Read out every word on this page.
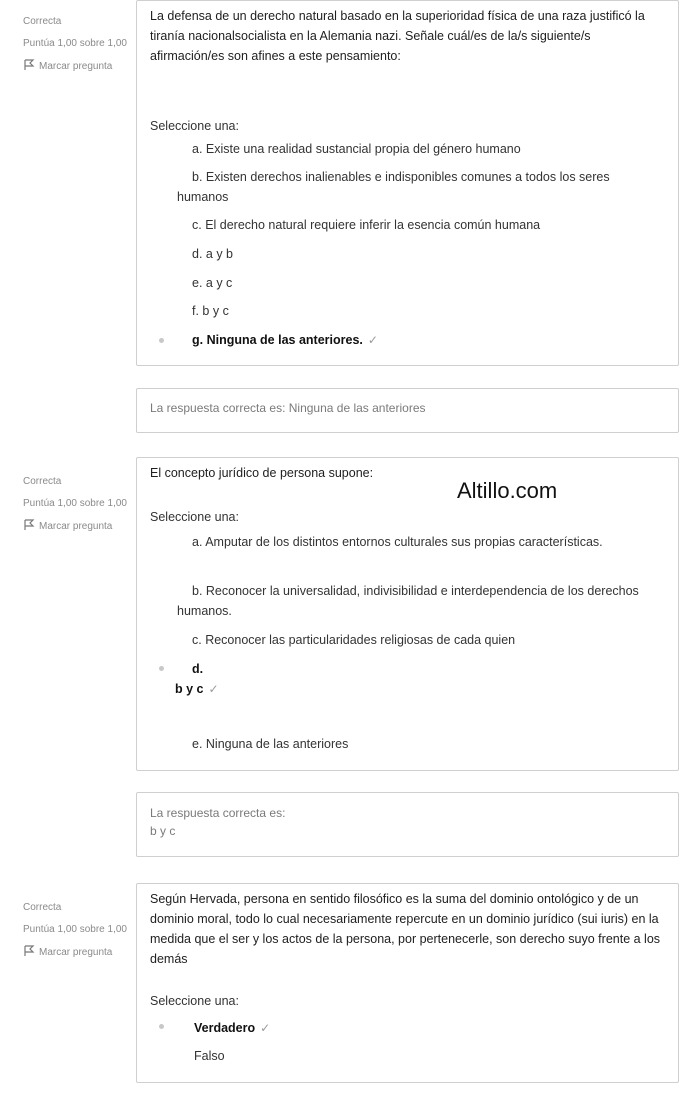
Correcta
Puntúa 1,00 sobre 1,00
Marcar pregunta
La defensa de un derecho natural basado en la superioridad física de una raza justificó la tiranía nacionalsocialista en la Alemania nazi. Señale cuál/es de la/s siguiente/s afirmación/es son afines a este pensamiento:
Seleccione una:
a. Existe una realidad sustancial propia del género humano
b. Existen derechos inalienables e indisponibles comunes a todos los seres humanos
c. El derecho natural requiere inferir la esencia común humana
d. a y b
e. a y c
f. b y c
g. Ninguna de las anteriores. ✓
La respuesta correcta es: Ninguna de las anteriores
Correcta
Puntúa 1,00 sobre 1,00
Marcar pregunta
El concepto jurídico de persona supone:
Seleccione una:
a. Amputar de los distintos entornos culturales sus propias características.
b. Reconocer la universalidad, indivisibilidad e interdependencia de los derechos humanos.
c. Reconocer las particularidades religiosas de cada quien
d.
b y c ✓
e. Ninguna de las anteriores
Altillo.com
La respuesta correcta es:
b y c
Correcta
Puntúa 1,00 sobre 1,00
Marcar pregunta
Según Hervada, persona en sentido filosófico es la suma del dominio ontológico y de un dominio moral, todo lo cual necesariamente repercute en un dominio jurídico (sui iuris) en la medida que el ser y los actos de la persona, por pertenecerle, son derecho suyo frente a los demás
Seleccione una:
Verdadero ✓
Falso
